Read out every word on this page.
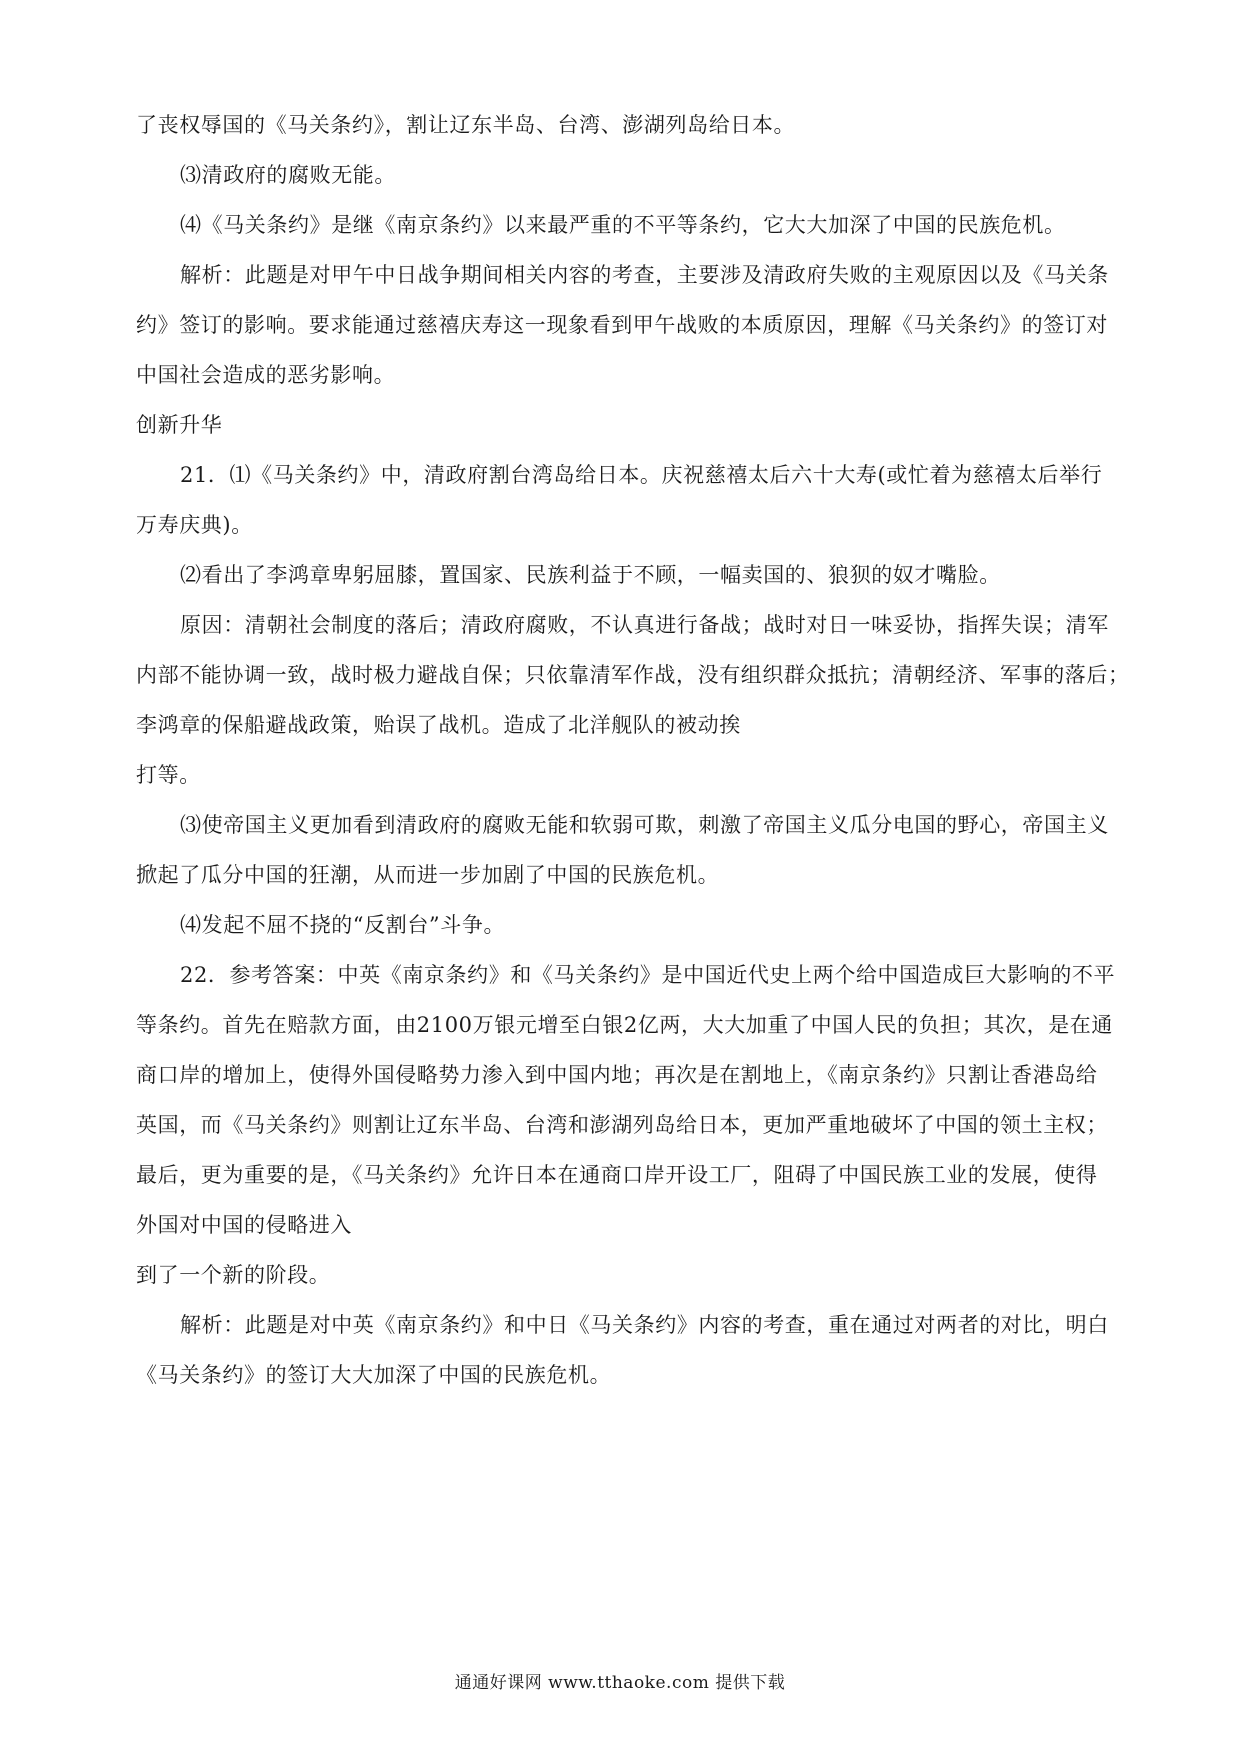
了丧权辱国的《马关条约》，割让辽东半岛、台湾、澎湖列岛给日本。
⑶清政府的腐败无能。
⑷《马关条约》是继《南京条约》以来最严重的不平等条约，它大大加深了中国的民族危机。
解析：此题是对甲午中日战争期间相关内容的考查，主要涉及清政府失败的主观原因以及《马关条
约》签订的影响。要求能通过慈禧庆寿这一现象看到甲午战败的本质原因，理解《马关条约》的签订对
中国社会造成的恶劣影响。
创新升华
21．⑴《马关条约》中，清政府割台湾岛给日本。庆祝慈禧太后六十大寿(或忙着为慈禧太后举行
万寿庆典)。
⑵看出了李鸿章卑躬屈膝，置国家、民族利益于不顾，一幅卖国的、狼狈的奴才嘴脸。
原因：清朝社会制度的落后；清政府腐败，不认真进行备战；战时对日一味妥协，指挥失误；清军
内部不能协调一致，战时极力避战自保；只依靠清军作战，没有组织群众抵抗；清朝经济、军事的落后；
李鸿章的保船避战政策，贻误了战机。造成了北洋舰队的被动挨
打等。
⑶使帝国主义更加看到清政府的腐败无能和软弱可欺，刺激了帝国主义瓜分电国的野心，帝国主义
掀起了瓜分中国的狂潮，从而进一步加剧了中国的民族危机。
⑷发起不屈不挠的“反割台”斗争。
22．参考答案：中英《南京条约》和《马关条约》是中国近代史上两个给中国造成巨大影响的不平
等条约。首先在赔款方面，由2100万银元增至白银2亿两，大大加重了中国人民的负担；其次，是在通
商口岸的增加上，使得外国侵略势力渗入到中国内地；再次是在割地上，《南京条约》只割让香港岛给
英国，而《马关条约》则割让辽东半岛、台湾和澎湖列岛给日本，更加严重地破坏了中国的领土主权；
最后，更为重要的是，《马关条约》允许日本在通商口岸开设工厂，阻碍了中国民族工业的发展，使得
外国对中国的侵略进入
到了一个新的阶段。
解析：此题是对中英《南京条约》和中日《马关条约》内容的考查，重在通过对两者的对比，明白
《马关条约》的签订大大加深了中国的民族危机。
通通好课网 www.tthaoke.com 提供下载
